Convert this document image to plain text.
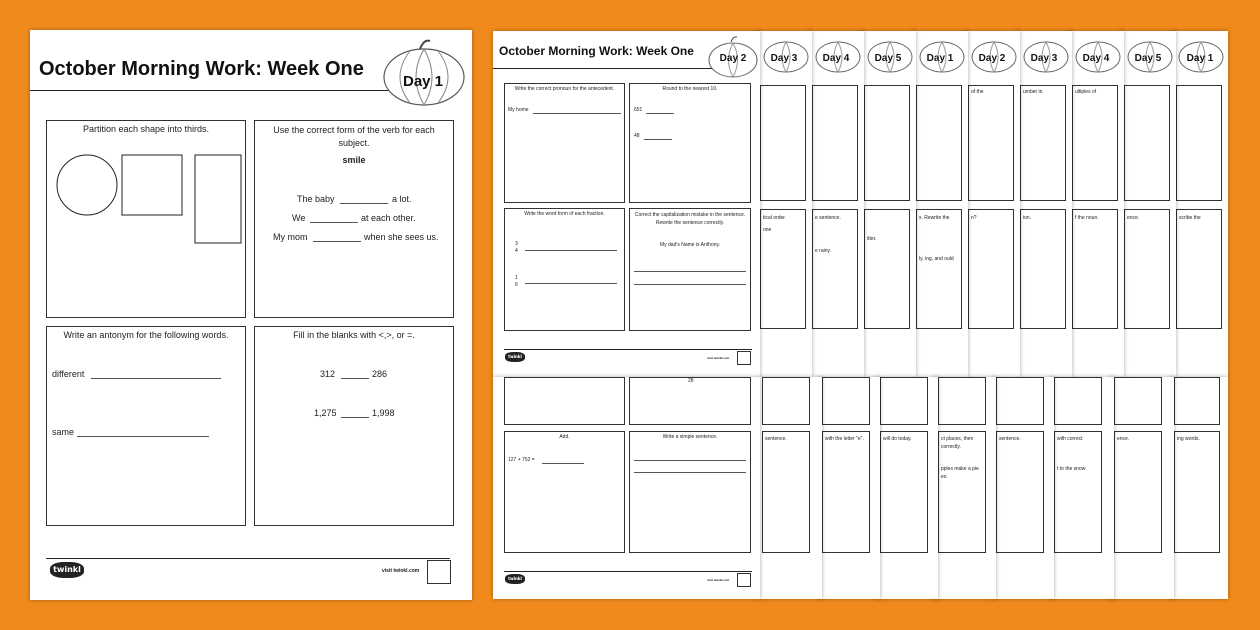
October Morning Work: Week One
Day 1
Partition each shape into thirds.	Use the correct form of the verb for each subject.
smile
The baby	a lot.
We	at each other.
My mom	when she sees us.
Write an antonym for the following words.
different
same
Fill in the blanks with <,>, or =.
312	286
1,275	1,998
twinkl	visit twinkl.com
scribe the
ence.
ultiples of
f the noun.
umber in
ion.
of the
n?
s. Rewrite the
ly, ing, and ould
itter.
e sentence.
e rainy.
tical order.
one
Day 3	Day 4	Day 5	Day 1	Day 2	Day 3	Day 4	Day 5	Day 1
October Morning Work: Week One
Day 2
Write the correct pronoun for the antecedent.
My home
Round to the nearest 10.
651
48
Write the word form of each fraction.
3
4
1
6
Correct the capitalization mistake in the sentence. Rewrite the sentence correctly.
My dad's Name is Anthony.
twinkl	visit twinkl.com
ing words.
ence.
with correct
t to the snow
sentence.
ct places, then
correctly.
pples make a pie
es.
will do today.
with the letter "e".
sentence.
28
Add.
127 + 752 =
Write a simple sentence.
twinkl	visit twinkl.com
